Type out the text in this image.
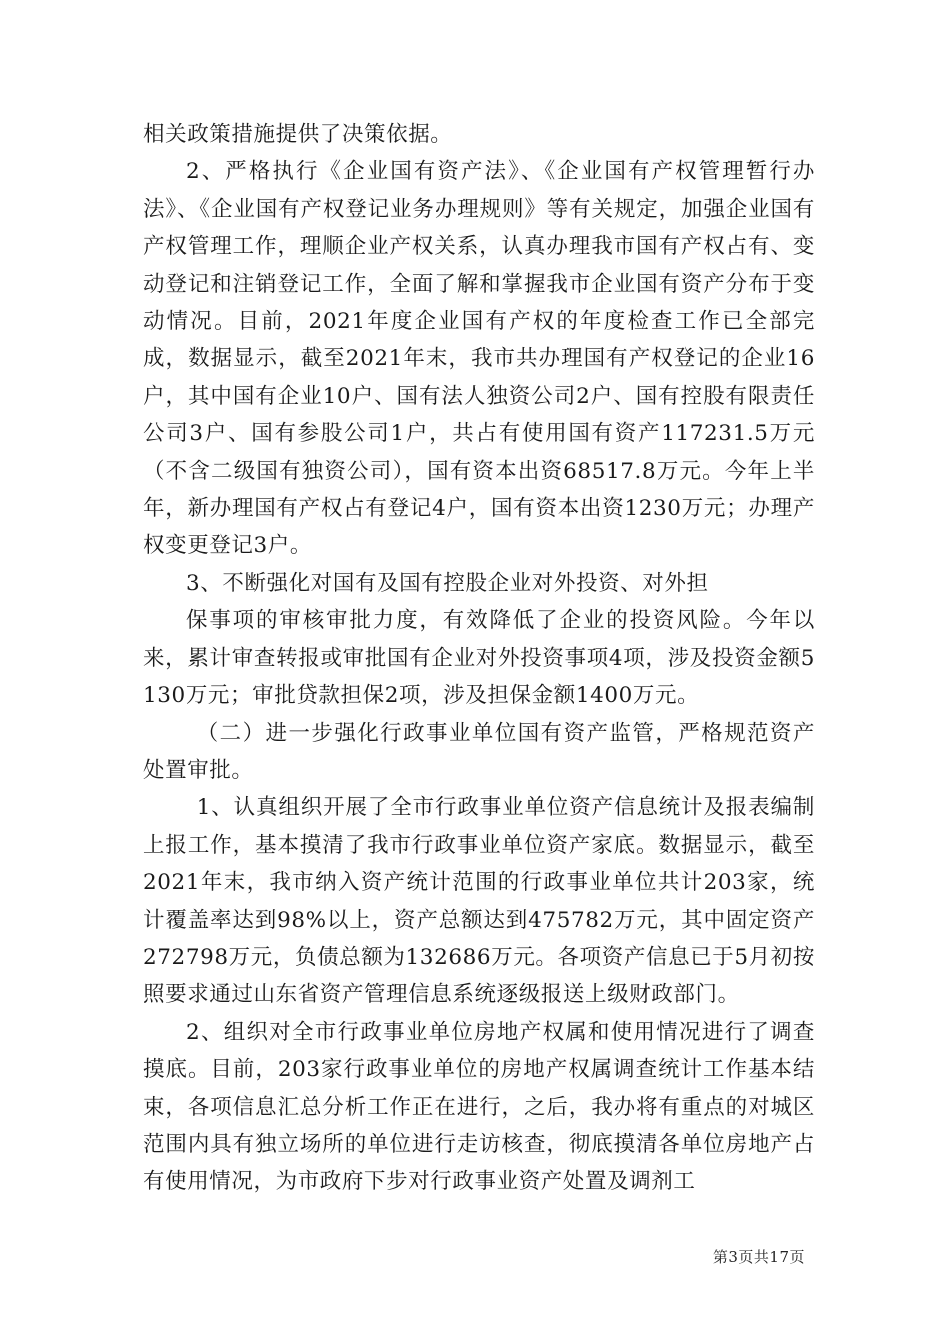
相关政策措施提供了决策依据。

2、严格执行《企业国有资产法》、《企业国有产权管理暂行办法》、《企业国有产权登记业务办理规则》等有关规定，加强企业国有产权管理工作，理顺企业产权关系，认真办理我市国有产权占有、变动登记和注销登记工作，全面了解和掌握我市企业国有资产分布于变动情况。目前，2021年度企业国有产权的年度检查工作已全部完成，数据显示，截至2021年末，我市共办理国有产权登记的企业16户，其中国有企业10户、国有法人独资公司2户、国有控股有限责任公司3户、国有参股公司1户，共占有使用国有资产117231.5万元（不含二级国有独资公司），国有资本出资68517.8万元。今年上半年，新办理国有产权占有登记4户，国有资本出资1230万元；办理产权变更登记3户。

3、不断强化对国有及国有控股企业对外投资、对外担

保事项的审核审批力度，有效降低了企业的投资风险。今年以来，累计审查转报或审批国有企业对外投资事项4项，涉及投资金额5130万元；审批贷款担保2项，涉及担保金额1400万元。

（二）进一步强化行政事业单位国有资产监管，严格规范资产处置审批。

1、认真组织开展了全市行政事业单位资产信息统计及报表编制上报工作，基本摸清了我市行政事业单位资产家底。数据显示，截至2021年末，我市纳入资产统计范围的行政事业单位共计203家，统计覆盖率达到98%以上，资产总额达到475782万元，其中固定资产272798万元，负债总额为132686万元。各项资产信息已于5月初按照要求通过山东省资产管理信息系统逐级报送上级财政部门。

2、组织对全市行政事业单位房地产权属和使用情况进行了调查摸底。目前，203家行政事业单位的房地产权属调查统计工作基本结束，各项信息汇总分析工作正在进行，之后，我办将有重点的对城区范围内具有独立场所的单位进行走访核查，彻底摸清各单位房地产占有使用情况，为市政府下步对行政事业资产处置及调剂工

第3页共17页
